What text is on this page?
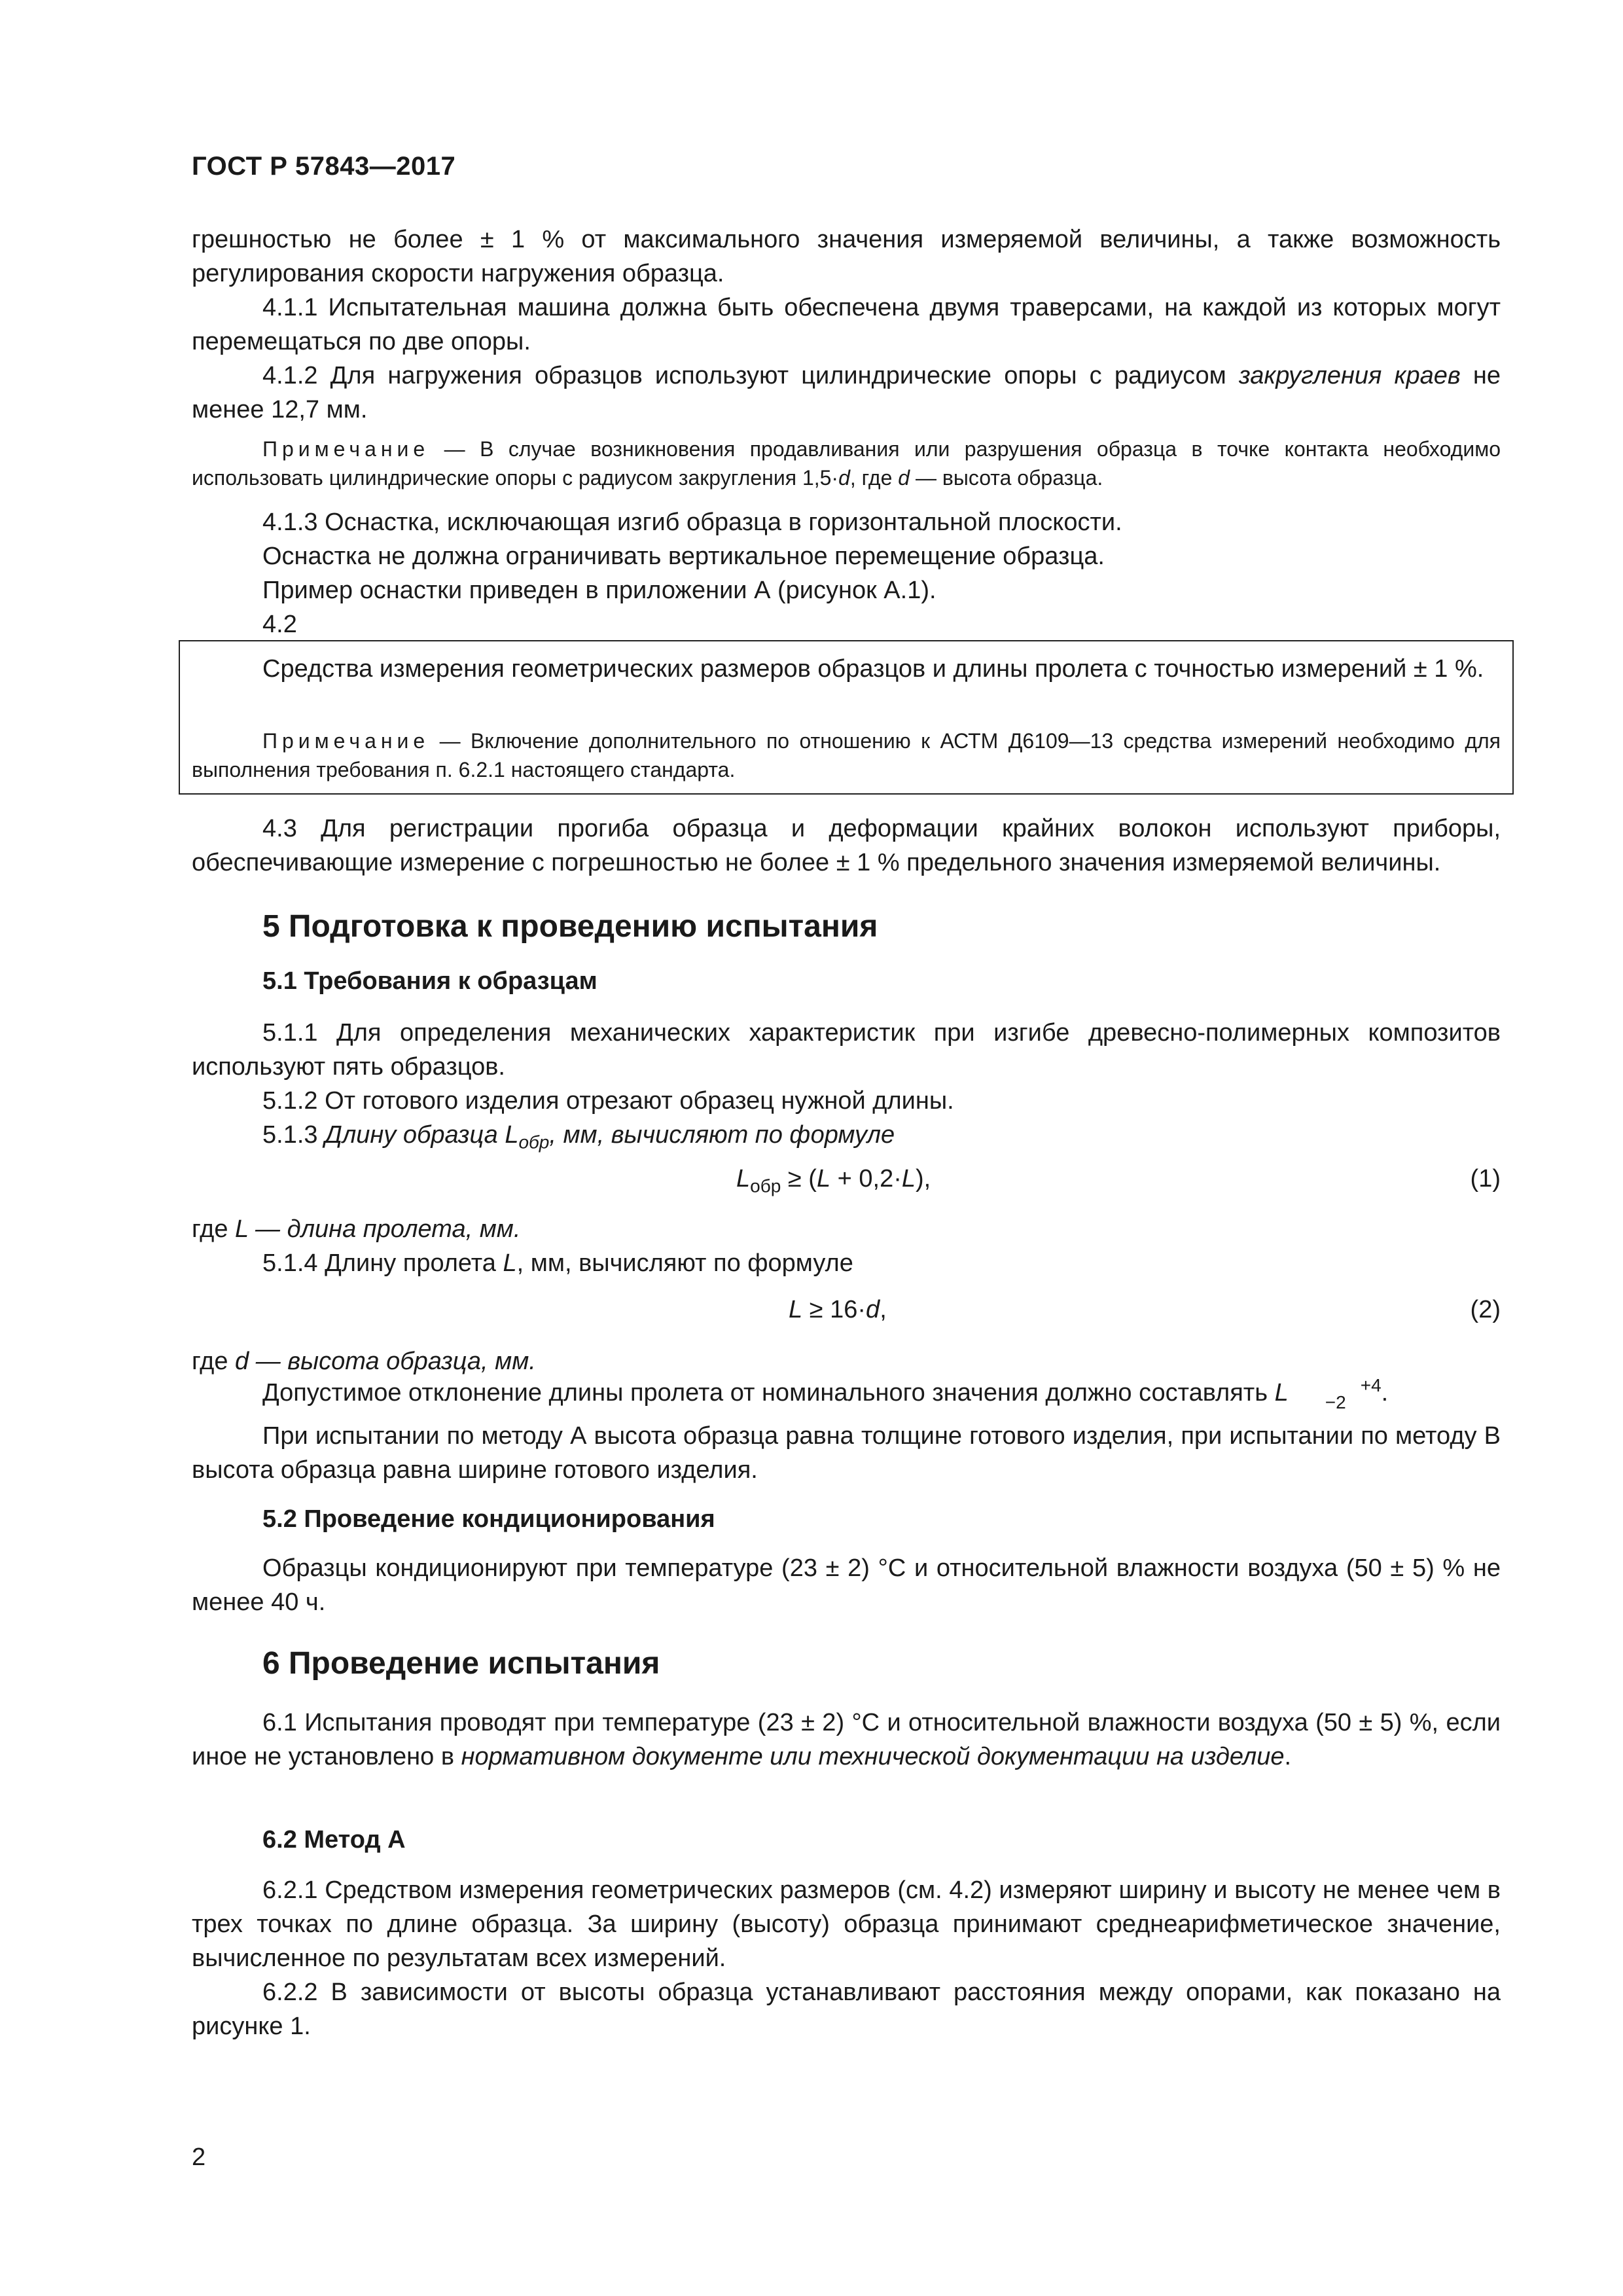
ГОСТ Р 57843—2017
грешностью не более ± 1 % от максимального значения измеряемой величины, а также возможность регулирования скорости нагружения образца.
4.1.1 Испытательная машина должна быть обеспечена двумя траверсами, на каждой из которых могут перемещаться по две опоры.
4.1.2 Для нагружения образцов используют цилиндрические опоры с радиусом закругления краев не менее 12,7 мм.
Примечание — В случае возникновения продавливания или разрушения образца в точке контакта необходимо использовать цилиндрические опоры с радиусом закругления 1,5·d, где d — высота образца.
4.1.3 Оснастка, исключающая изгиб образца в горизонтальной плоскости.
Оснастка не должна ограничивать вертикальное перемещение образца.
Пример оснастки приведен в приложении А (рисунок А.1).
4.2
Средства измерения геометрических размеров образцов и длины пролета с точностью измерений ± 1 %.
Примечание — Включение дополнительного по отношению к АСТМ Д6109—13 средства измерений необходимо для выполнения требования п. 6.2.1 настоящего стандарта.
4.3 Для регистрации прогиба образца и деформации крайних волокон используют приборы, обеспечивающие измерение с погрешностью не более ± 1 % предельного значения измеряемой величины.
5 Подготовка к проведению испытания
5.1 Требования к образцам
5.1.1 Для определения механических характеристик при изгибе древесно-полимерных композитов используют пять образцов.
5.1.2 От готового изделия отрезают образец нужной длины.
5.1.3 Длину образца $L_{обр}$, мм, вычисляют по формуле
$L_{обр} \ge (L + 0,2\cdot L)$,	(1)
где L — длина пролета, мм.
5.1.4 Длину пролета L, мм, вычисляют по формуле
L ≥ 16·d,	(2)
где d — высота образца, мм.
Допустимое отклонение длины пролета от номинального значения должно составлять L	+4
−2 .
При испытании по методу А высота образца равна толщине готового изделия, при испытании по методу В высота образца равна ширине готового изделия.
5.2 Проведение кондиционирования
Образцы кондиционируют при температуре (23 ± 2) °С и относительной влажности воздуха (50 ± 5) % не менее 40 ч.
6 Проведение испытания
6.1 Испытания проводят при температуре (23 ± 2) °С и относительной влажности воздуха (50 ± 5) %, если иное не установлено в нормативном документе или технической документации на изделие.
6.2 Метод А
6.2.1 Средством измерения геометрических размеров (см. 4.2) измеряют ширину и высоту не менее чем в трех точках по длине образца. За ширину (высоту) образца принимают среднеарифметическое значение, вычисленное по результатам всех измерений.
6.2.2 В зависимости от высоты образца устанавливают расстояния между опорами, как показано на рисунке 1.
2
